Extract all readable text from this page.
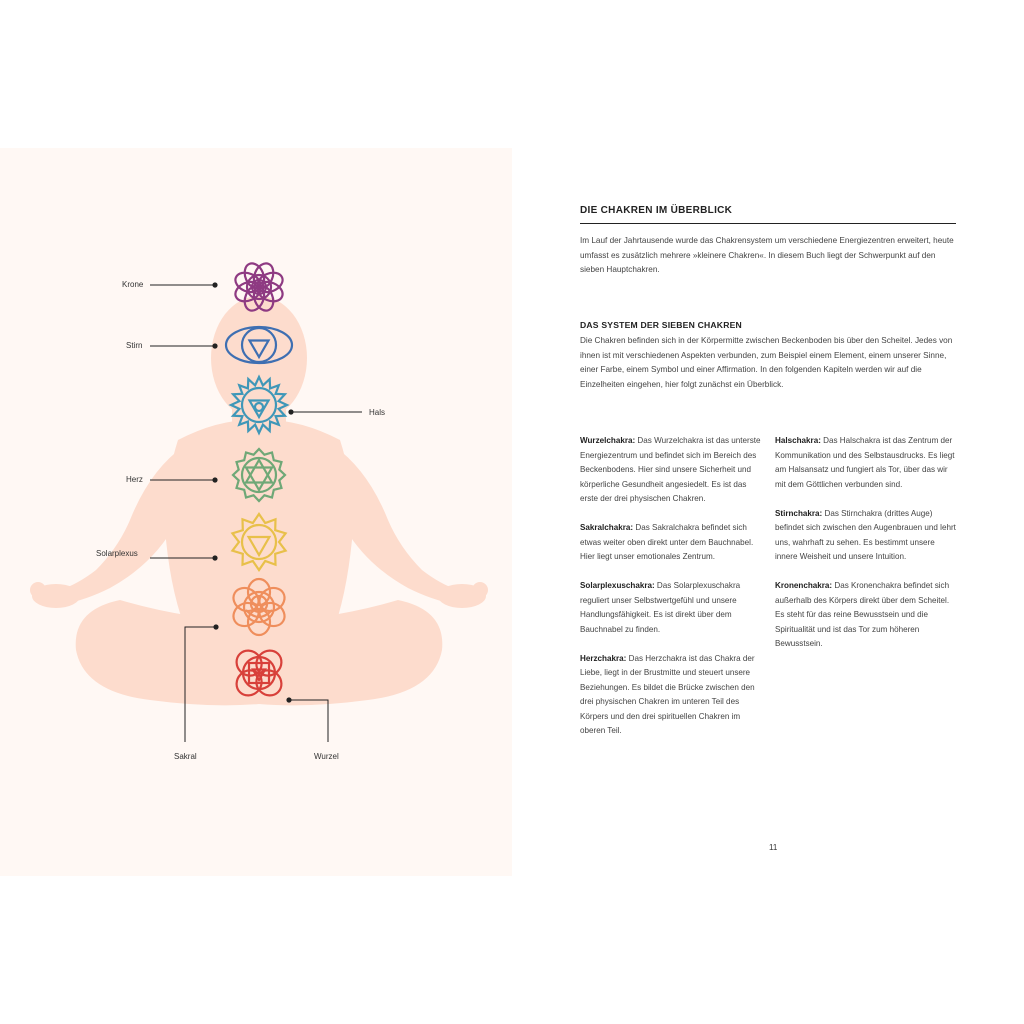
Krone
Stirn
Hals
Herz
Solarplexus
Sakral	Wurzel
DIE CHAKREN IM ÜBERBLICK

Im Lauf der Jahrtausende wurde das Chakrensystem um verschiedene Energiezentren erweitert, heute umfasst es zusätzlich mehrere »kleinere Chakren«. In diesem Buch liegt der Schwerpunkt auf den sieben Hauptchakren.

DAS SYSTEM DER SIEBEN CHAKREN

Die Chakren befinden sich in der Körpermitte zwischen Beckenboden bis über den Scheitel. Jedes von ihnen ist mit verschiedenen Aspekten verbunden, zum Beispiel einem Element, einem unserer Sinne, einer Farbe, einem Symbol und einer Affirmation. In den folgenden Kapiteln werden wir auf die Einzelheiten eingehen, hier folgt zunächst ein Überblick.

Wurzelchakra: Das Wurzelchakra ist das unterste Energiezentrum und befindet sich im Bereich des Beckenbodens. Hier sind unsere Sicherheit und körperliche Gesundheit angesiedelt. Es ist das erste der drei physischen Chakren.

Sakralchakra: Das Sakralchakra befindet sich etwas weiter oben direkt unter dem Bauchnabel. Hier liegt unser emotionales Zentrum.

Solarplexuschakra: Das Solarplexuschakra reguliert unser Selbstwertgefühl und unsere Handlungsfähigkeit. Es ist direkt über dem Bauchnabel zu finden.

Herzchakra: Das Herzchakra ist das Chakra der Liebe, liegt in der Brustmitte und steuert unsere Beziehungen. Es bildet die Brücke zwischen den drei physischen Chakren im unteren Teil des Körpers und den drei spirituellen Chakren im oberen Teil.

Halschakra: Das Halschakra ist das Zentrum der Kommunikation und des Selbstausdrucks. Es liegt am Halsansatz und fungiert als Tor, über das wir mit dem Göttlichen verbunden sind.

Stirnchakra: Das Stirnchakra (drittes Auge) befindet sich zwischen den Augenbrauen und lehrt uns, wahrhaft zu sehen. Es bestimmt unsere innere Weisheit und unsere Intuition.

Kronenchakra: Das Kronenchakra befindet sich außerhalb des Körpers direkt über dem Scheitel. Es steht für das reine Bewusstsein und die Spiritualität und ist das Tor zum höheren Bewusstsein.

11
